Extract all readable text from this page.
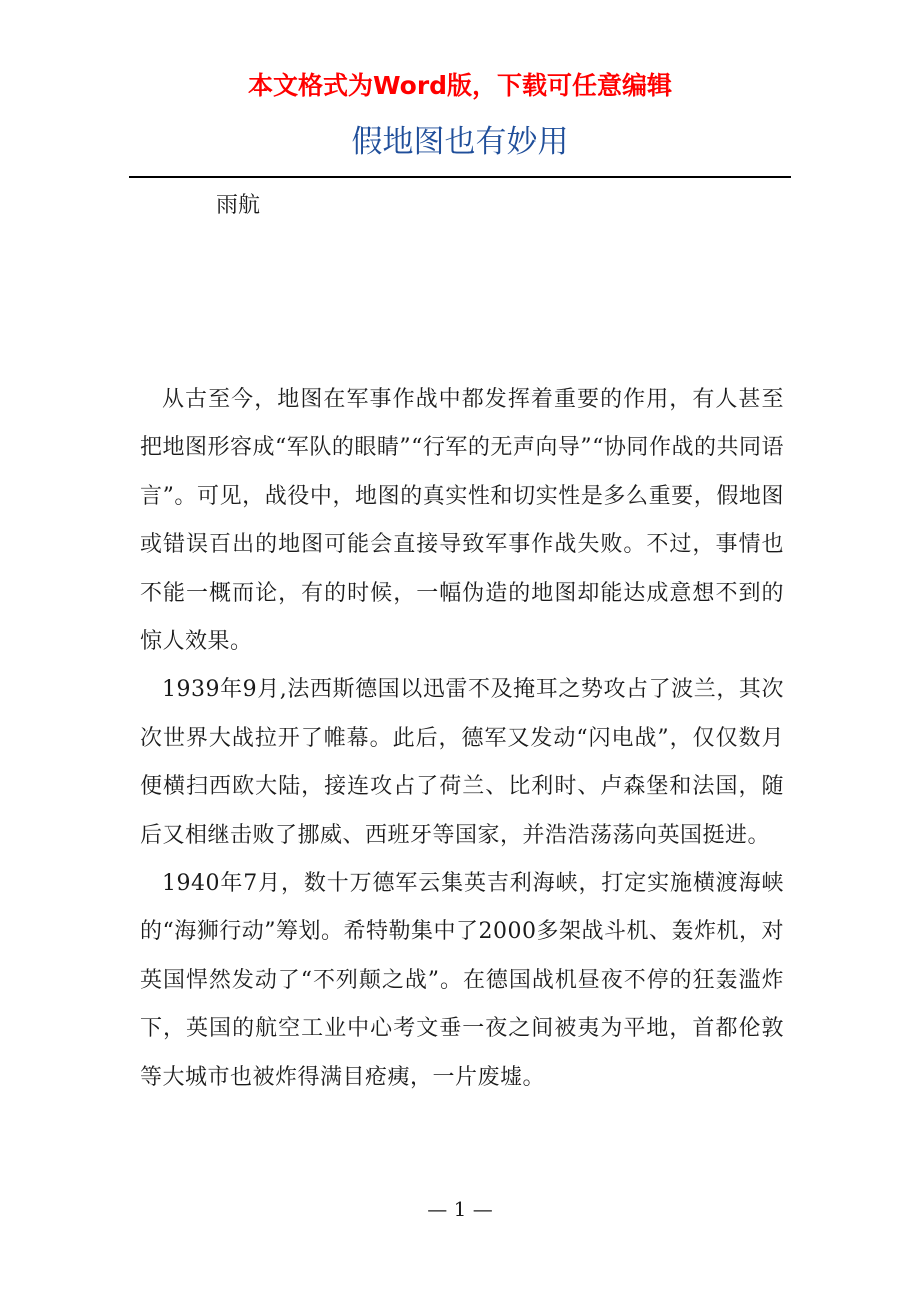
本文格式为Word版，下载可任意编辑
假地图也有妙用
雨航

从古至今，地图在军事作战中都发挥着重要的作用，有人甚至把地图形容成“军队的眼睛”“行军的无声向导”“协同作战的共同语言”。可见，战役中，地图的真实性和切实性是多么重要，假地图或错误百出的地图可能会直接导致军事作战失败。不过，事情也不能一概而论，有的时候，一幅伪造的地图却能达成意想不到的惊人效果。

1939年9月,法西斯德国以迅雷不及掩耳之势攻占了波兰，其次次世界大战拉开了帷幕。此后，德军又发动“闪电战”，仅仅数月便横扫西欧大陆，接连攻占了荷兰、比利时、卢森堡和法国，随后又相继击败了挪威、西班牙等国家，并浩浩荡荡向英国挺进。

1940年7月，数十万德军云集英吉利海峡，打定实施横渡海峡的“海狮行动”筹划。希特勒集中了2000多架战斗机、轰炸机，对英国悍然发动了“不列颠之战”。在德国战机昼夜不停的狂轰滥炸下，英国的航空工业中心考文垂一夜之间被夷为平地，首都伦敦等大城市也被炸得满目疮痍，一片废墟。

— 1 —
